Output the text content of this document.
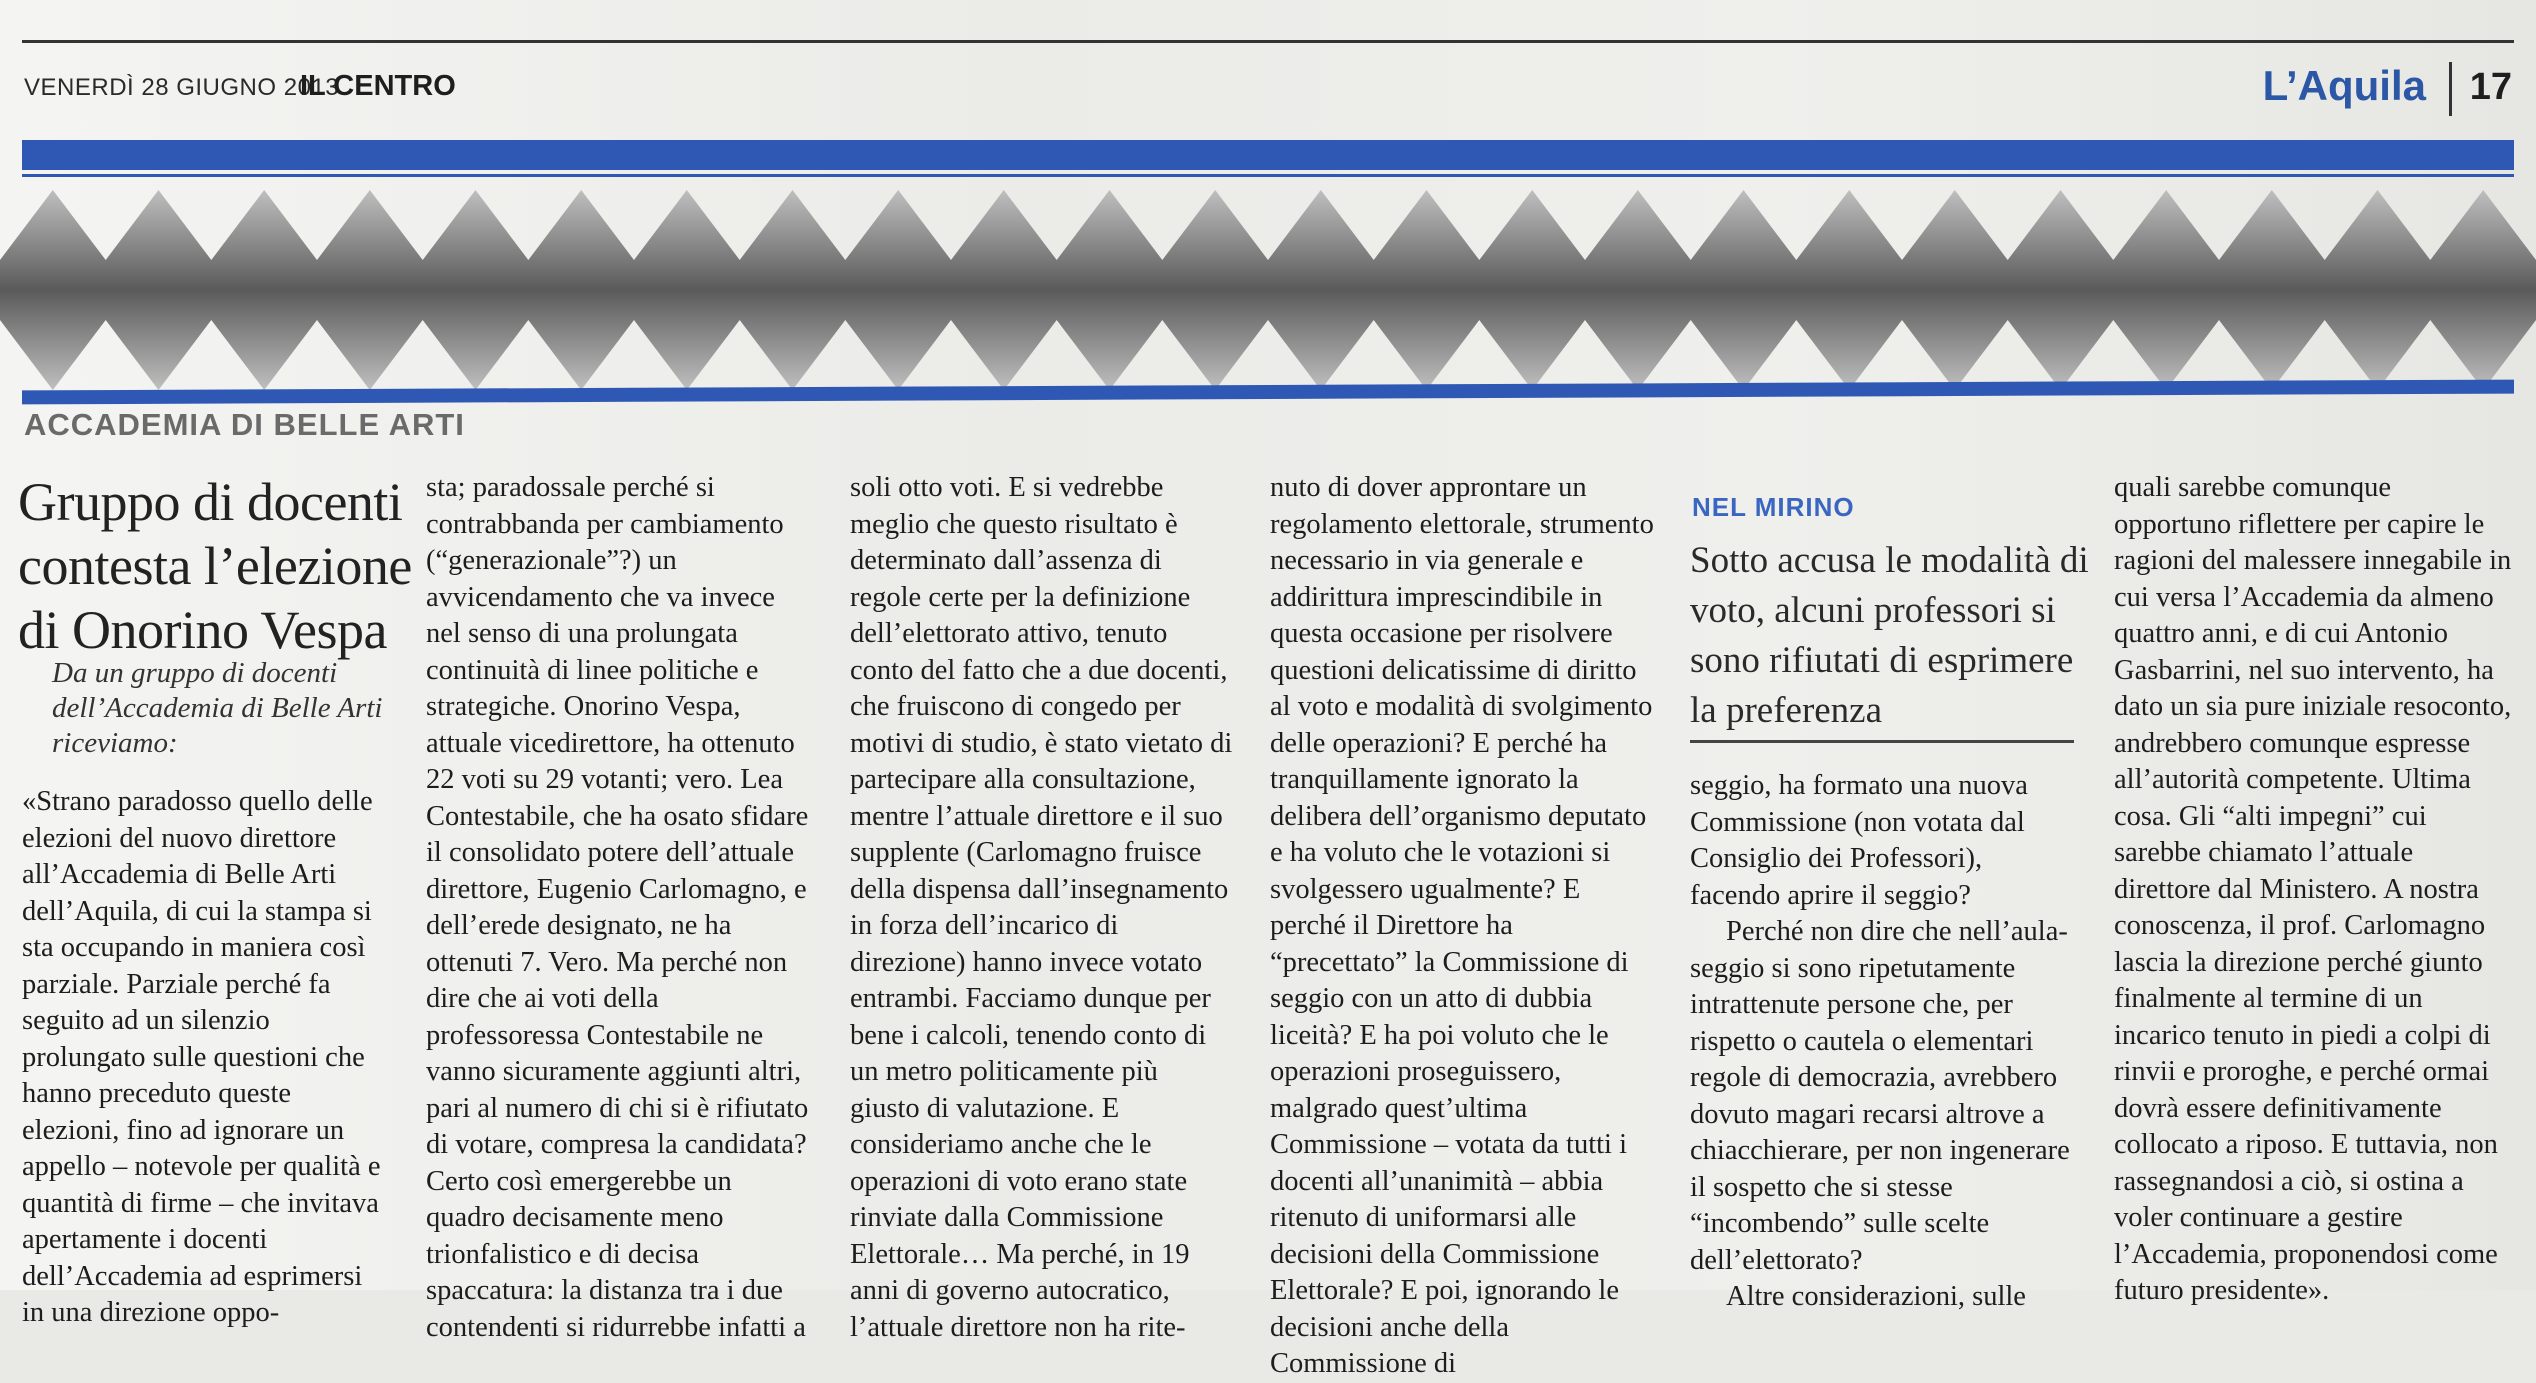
VENERDÌ 28 GIUGNO 2013
IL CENTRO	L’Aquila 17
ACCADEMIA DI BELLE ARTI
Gruppo di docenti contesta l’elezione di Onorino Vespa
Da un gruppo di docenti dell’Accademia di Belle Arti riceviamo:

«Strano paradosso quello delle elezioni del nuovo direttore all’Accademia di Belle Arti dell’Aquila, di cui la stampa si sta occupando in maniera così parziale. Parziale perché fa seguito ad un silenzio prolungato sulle questioni che hanno preceduto queste elezioni, fino ad ignorare un appello – notevole per qualità e quantità di firme – che invitava apertamente i docenti dell’Accademia ad esprimersi in una direzione oppo-

sta; paradossale perché si contrabbanda per cambiamento (“generazionale”?) un avvicendamento che va invece nel senso di una prolungata continuità di linee politiche e strategiche. Onorino Vespa, attuale vicedirettore, ha ottenuto 22 voti su 29 votanti; vero. Lea Contestabile, che ha osato sfidare il consolidato potere dell’attuale direttore, Eugenio Carlomagno, e dell’erede designato, ne ha ottenuti 7. Vero. Ma perché non dire che ai voti della professoressa Contestabile ne vanno sicuramente aggiunti altri, pari al numero di chi si è rifiutato di votare, compresa la candidata? Certo così emergerebbe un quadro decisamente meno trionfalistico e di decisa spaccatura: la distanza tra i due contendenti si ridurrebbe infatti a

soli otto voti. E si vedrebbe meglio che questo risultato è determinato dall’assenza di regole certe per la definizione dell’elettorato attivo, tenuto conto del fatto che a due docenti, che fruiscono di congedo per motivi di studio, è stato vietato di partecipare alla consultazione, mentre l’attuale direttore e il suo supplente (Carlomagno fruisce della dispensa dall’insegnamento in forza dell’incarico di direzione) hanno invece votato entrambi. Facciamo dunque per bene i calcoli, tenendo conto di un metro politicamente più giusto di valutazione. E consideriamo anche che le operazioni di voto erano state rinviate dalla Commissione Elettorale… Ma perché, in 19 anni di governo autocratico, l’attuale direttore non ha rite-

nuto di dover approntare un regolamento elettorale, strumento necessario in via generale e addirittura imprescindibile in questa occasione per risolvere questioni delicatissime di diritto al voto e modalità di svolgimento delle operazioni? E perché ha tranquillamente ignorato la delibera dell’organismo deputato e ha voluto che le votazioni si svolgessero ugualmente? E perché il Direttore ha “precettato” la Commissione di seggio con un atto di dubbia liceità? E ha poi voluto che le operazioni proseguissero, malgrado quest’ultima Commissione – votata da tutti i docenti all’unanimità – abbia ritenuto di uniformarsi alle decisioni della Commissione Elettorale? E poi, ignorando le decisioni anche della Commissione di

NEL MIRINO
Sotto accusa le modalità di voto, alcuni professori si sono rifiutati di esprimere la preferenza

seggio, ha formato una nuova Commissione (non votata dal Consiglio dei Professori), facendo aprire il seggio?

Perché non dire che nell’aula-seggio si sono ripetutamente intrattenute persone che, per rispetto o cautela o elementari regole di democrazia, avrebbero dovuto magari recarsi altrove a chiacchierare, per non ingenerare il sospetto che si stesse “incombendo” sulle scelte dell’elettorato?

Altre considerazioni, sulle

quali sarebbe comunque opportuno riflettere per capire le ragioni del malessere innegabile in cui versa l’Accademia da almeno quattro anni, e di cui Antonio Gasbarrini, nel suo intervento, ha dato un sia pure iniziale resoconto, andrebbero comunque espresse all’autorità competente. Ultima cosa. Gli “alti impegni” cui sarebbe chiamato l’attuale direttore dal Ministero. A nostra conoscenza, il prof. Carlomagno lascia la direzione perché giunto finalmente al termine di un incarico tenuto in piedi a colpi di rinvii e proroghe, e perché ormai dovrà essere definitivamente collocato a riposo. E tuttavia, non rassegnandosi a ciò, si ostina a voler continuare a gestire l’Accademia, proponendosi come futuro presidente».
